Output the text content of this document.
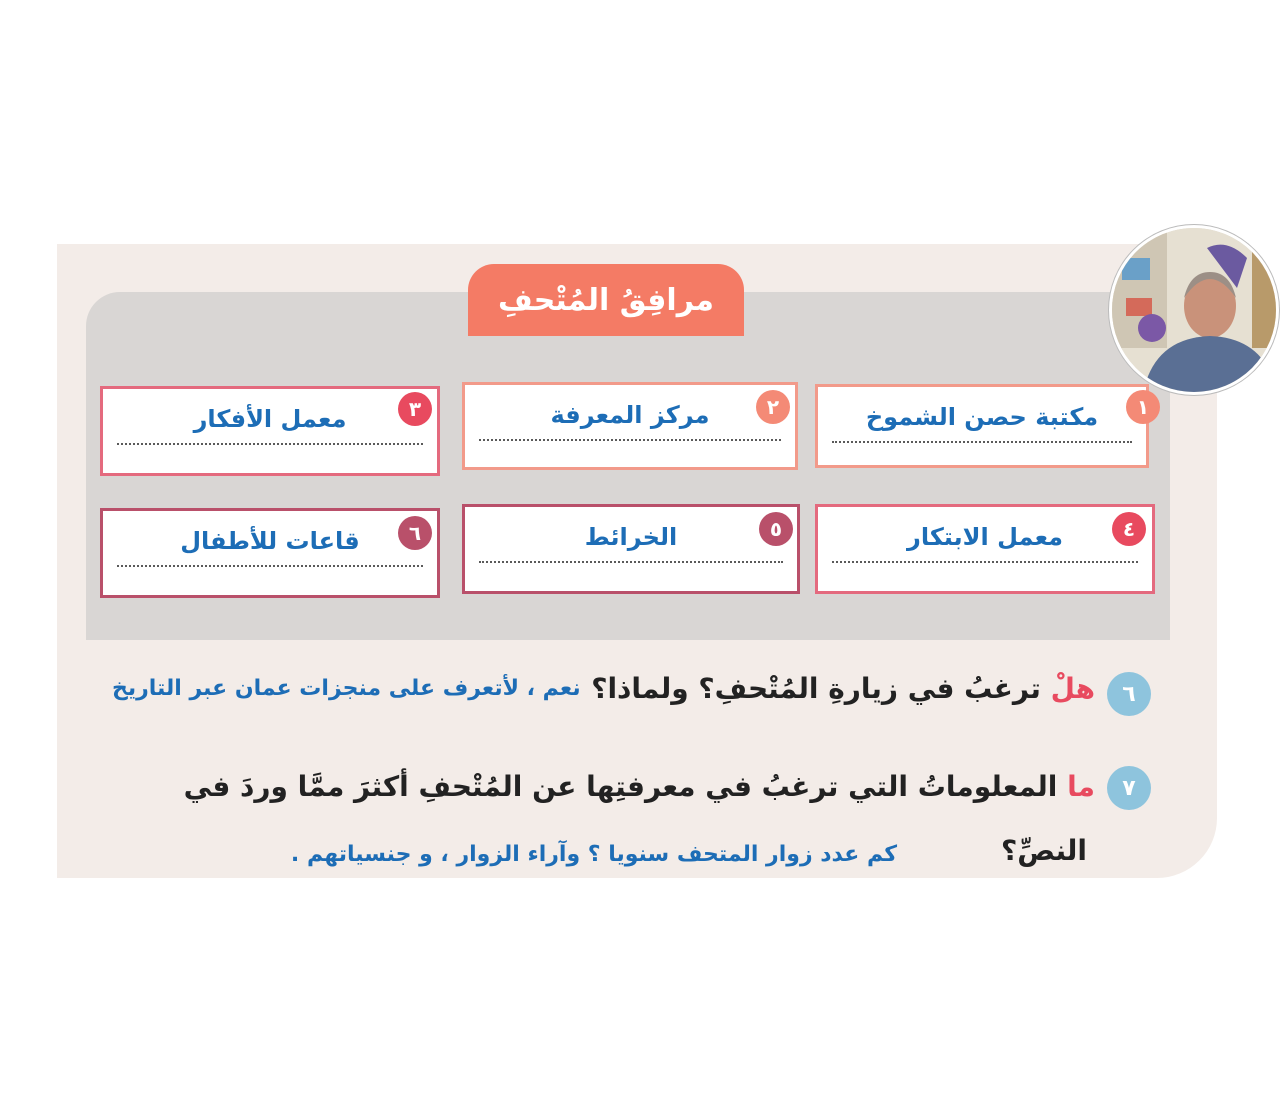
مرافِقُ المُتْحفِ
مكتبة حصن الشموخ	١
مركز المعرفة	٢
معمل الأفكار	٣
معمل الابتكار	٤
الخرائط	٥
قاعات للأطفال	٦
٦
هلْ ترغبُ في زيارةِ المُتْحفِ؟ ولماذا؟
نعم ، لأتعرف على منجزات عمان عبر التاريخ
٧
ما المعلوماتُ التي ترغبُ في معرفتِها عن المُتْحفِ أكثرَ ممَّا وردَ في
النصِّ؟
كم عدد زوار المتحف سنويا ؟ وآراء الزوار ، و جنسياتهم .
